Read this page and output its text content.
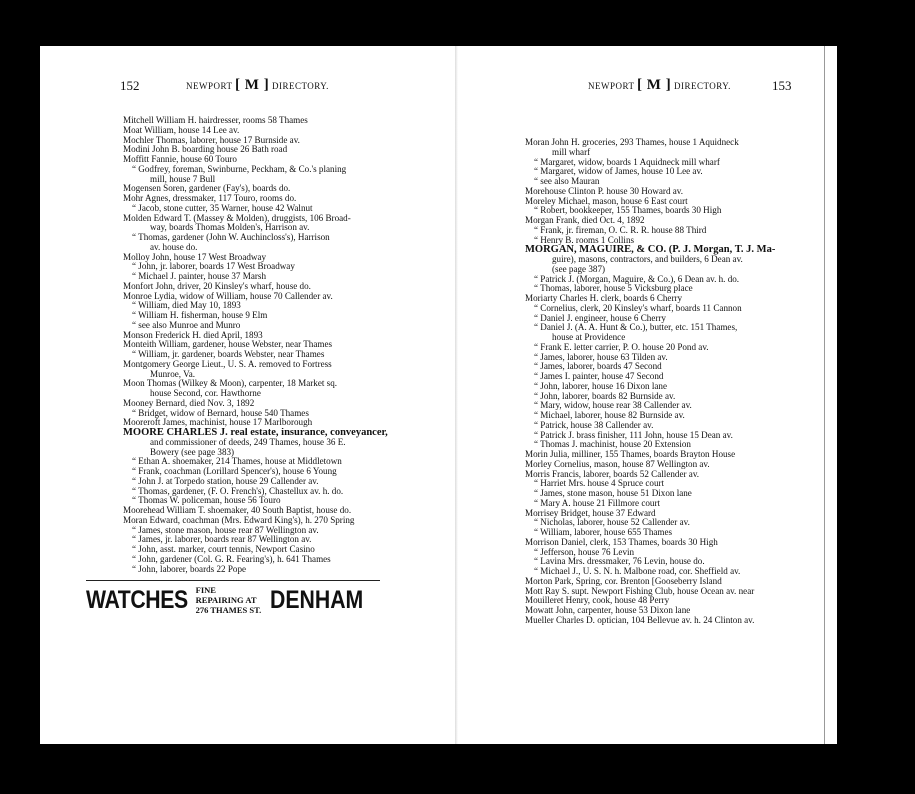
152	NEWPORT [ M ] DIRECTORY.	NEWPORT [ M ] DIRECTORY.	153
Mitchell William H. hairdresser, rooms 58 Thames
Moat William, house 14 Lee av.
Mochler Thomas, laborer, house 17 Burnside av.
Modini John B. boarding house 26 Bath road
Moffitt Fannie, house 60 Touro
“ Godfrey, foreman, Swinburne, Peckham, & Co.'s planing
mill, house 7 Bull
Mogensen Soren, gardener (Fay's), boards do.
Mohr Agnes, dressmaker, 117 Touro, rooms do.
“ Jacob, stone cutter, 35 Warner, house 42 Walnut
Molden Edward T. (Massey & Molden), druggists, 106 Broad-
way, boards Thomas Molden's, Harrison av.
“ Thomas, gardener (John W. Auchincloss's), Harrison
av. house do.
Molloy John, house 17 West Broadway
“ John, jr. laborer, boards 17 West Broadway
“ Michael J. painter, house 37 Marsh
Monfort John, driver, 20 Kinsley's wharf, house do.
Monroe Lydia, widow of William, house 70 Callender av.
“ William, died May 10, 1893
“ William H. fisherman, house 9 Elm
“ see also Munroe and Munro
Monson Frederick H. died April, 1893
Monteith William, gardener, house Webster, near Thames
“ William, jr. gardener, boards Webster, near Thames
Montgomery George Lieut., U. S. A. removed to Fortress
Munroe, Va.
Moon Thomas (Wilkey & Moon), carpenter, 18 Market sq.
house Second, cor. Hawthorne
Mooney Bernard, died Nov. 3, 1892
“ Bridget, widow of Bernard, house 540 Thames
Mooreroft James, machinist, house 17 Marlborough
MOORE CHARLES J. real estate, insurance, conveyancer,
and commissioner of deeds, 249 Thames, house 36 E.
Bowery (see page 383)
“ Ethan A. shoemaker, 214 Thames, house at Middletown
“ Frank, coachman (Lorillard Spencer's), house 6 Young
“ John J. at Torpedo station, house 29 Callender av.
“ Thomas, gardener, (F. O. French's), Chastellux av. h. do.
“ Thomas W. policeman, house 56 Touro
Moorehead William T. shoemaker, 40 South Baptist, house do.
Moran Edward, coachman (Mrs. Edward King's), h. 270 Spring
“ James, stone mason, house rear 87 Wellington av.
“ James, jr. laborer, boards rear 87 Wellington av.
“ John, asst. marker, court tennis, Newport Casino
“ John, gardener (Col. G. R. Fearing's), h. 641 Thames
“ John, laborer, boards 22 Pope
WATCHES FINE REPAIRING AT
276 THAMES ST. DENHAM
Moran John H. groceries, 293 Thames, house 1 Aquidneck
mill wharf
“ Margaret, widow, boards 1 Aquidneck mill wharf
“ Margaret, widow of James, house 10 Lee av.
“ see also Mauran
Morehouse Clinton P. house 30 Howard av.
Moreley Michael, mason, house 6 East court
“ Robert, bookkeeper, 155 Thames, boards 30 High
Morgan Frank, died Oct. 4, 1892
“ Frank, jr. fireman, O. C. R. R. house 88 Third
“ Henry B. rooms 1 Collins
MORGAN, MAGUIRE, & CO. (P. J. Morgan, T. J. Ma-
guire), masons, contractors, and builders, 6 Dean av.
(see page 387)
“ Patrick J. (Morgan, Maguire, & Co.), 6 Dean av. h. do.
“ Thomas, laborer, house 5 Vicksburg place
Moriarty Charles H. clerk, boards 6 Cherry
“ Cornelius, clerk, 20 Kinsley's wharf, boards 11 Cannon
“ Daniel J. engineer, house 6 Cherry
“ Daniel J. (A. A. Hunt & Co.), butter, etc. 151 Thames,
house at Providence
“ Frank E. letter carrier, P. O. house 20 Pond av.
“ James, laborer, house 63 Tilden av.
“ James, laborer, boards 47 Second
“ James I. painter, house 47 Second
“ John, laborer, house 16 Dixon lane
“ John, laborer, boards 82 Burnside av.
“ Mary, widow, house rear 38 Callender av.
“ Michael, laborer, house 82 Burnside av.
“ Patrick, house 38 Callender av.
“ Patrick J. brass finisher, 111 John, house 15 Dean av.
“ Thomas J. machinist, house 20 Extension
Morin Julia, milliner, 155 Thames, boards Brayton House
Morley Cornelius, mason, house 87 Wellington av.
Morris Francis, laborer, boards 52 Callender av.
“ Harriet Mrs. house 4 Spruce court
“ James, stone mason, house 51 Dixon lane
“ Mary A. house 21 Fillmore court
Morrisey Bridget, house 37 Edward
“ Nicholas, laborer, house 52 Callender av.
“ William, laborer, house 655 Thames
Morrison Daniel, clerk, 153 Thames, boards 30 High
“ Jefferson, house 76 Levin
“ Lavina Mrs. dressmaker, 76 Levin, house do.
“ Michael J., U. S. N. h. Malbone road, cor. Sheffield av.
Morton Park, Spring, cor. Brenton [Gooseberry Island
Mott Ray S. supt. Newport Fishing Club, house Ocean av. near
Mouilleret Henry, cook, house 48 Perry
Mowatt John, carpenter, house 53 Dixon lane
Mueller Charles D. optician, 104 Bellevue av. h. 24 Clinton av.
